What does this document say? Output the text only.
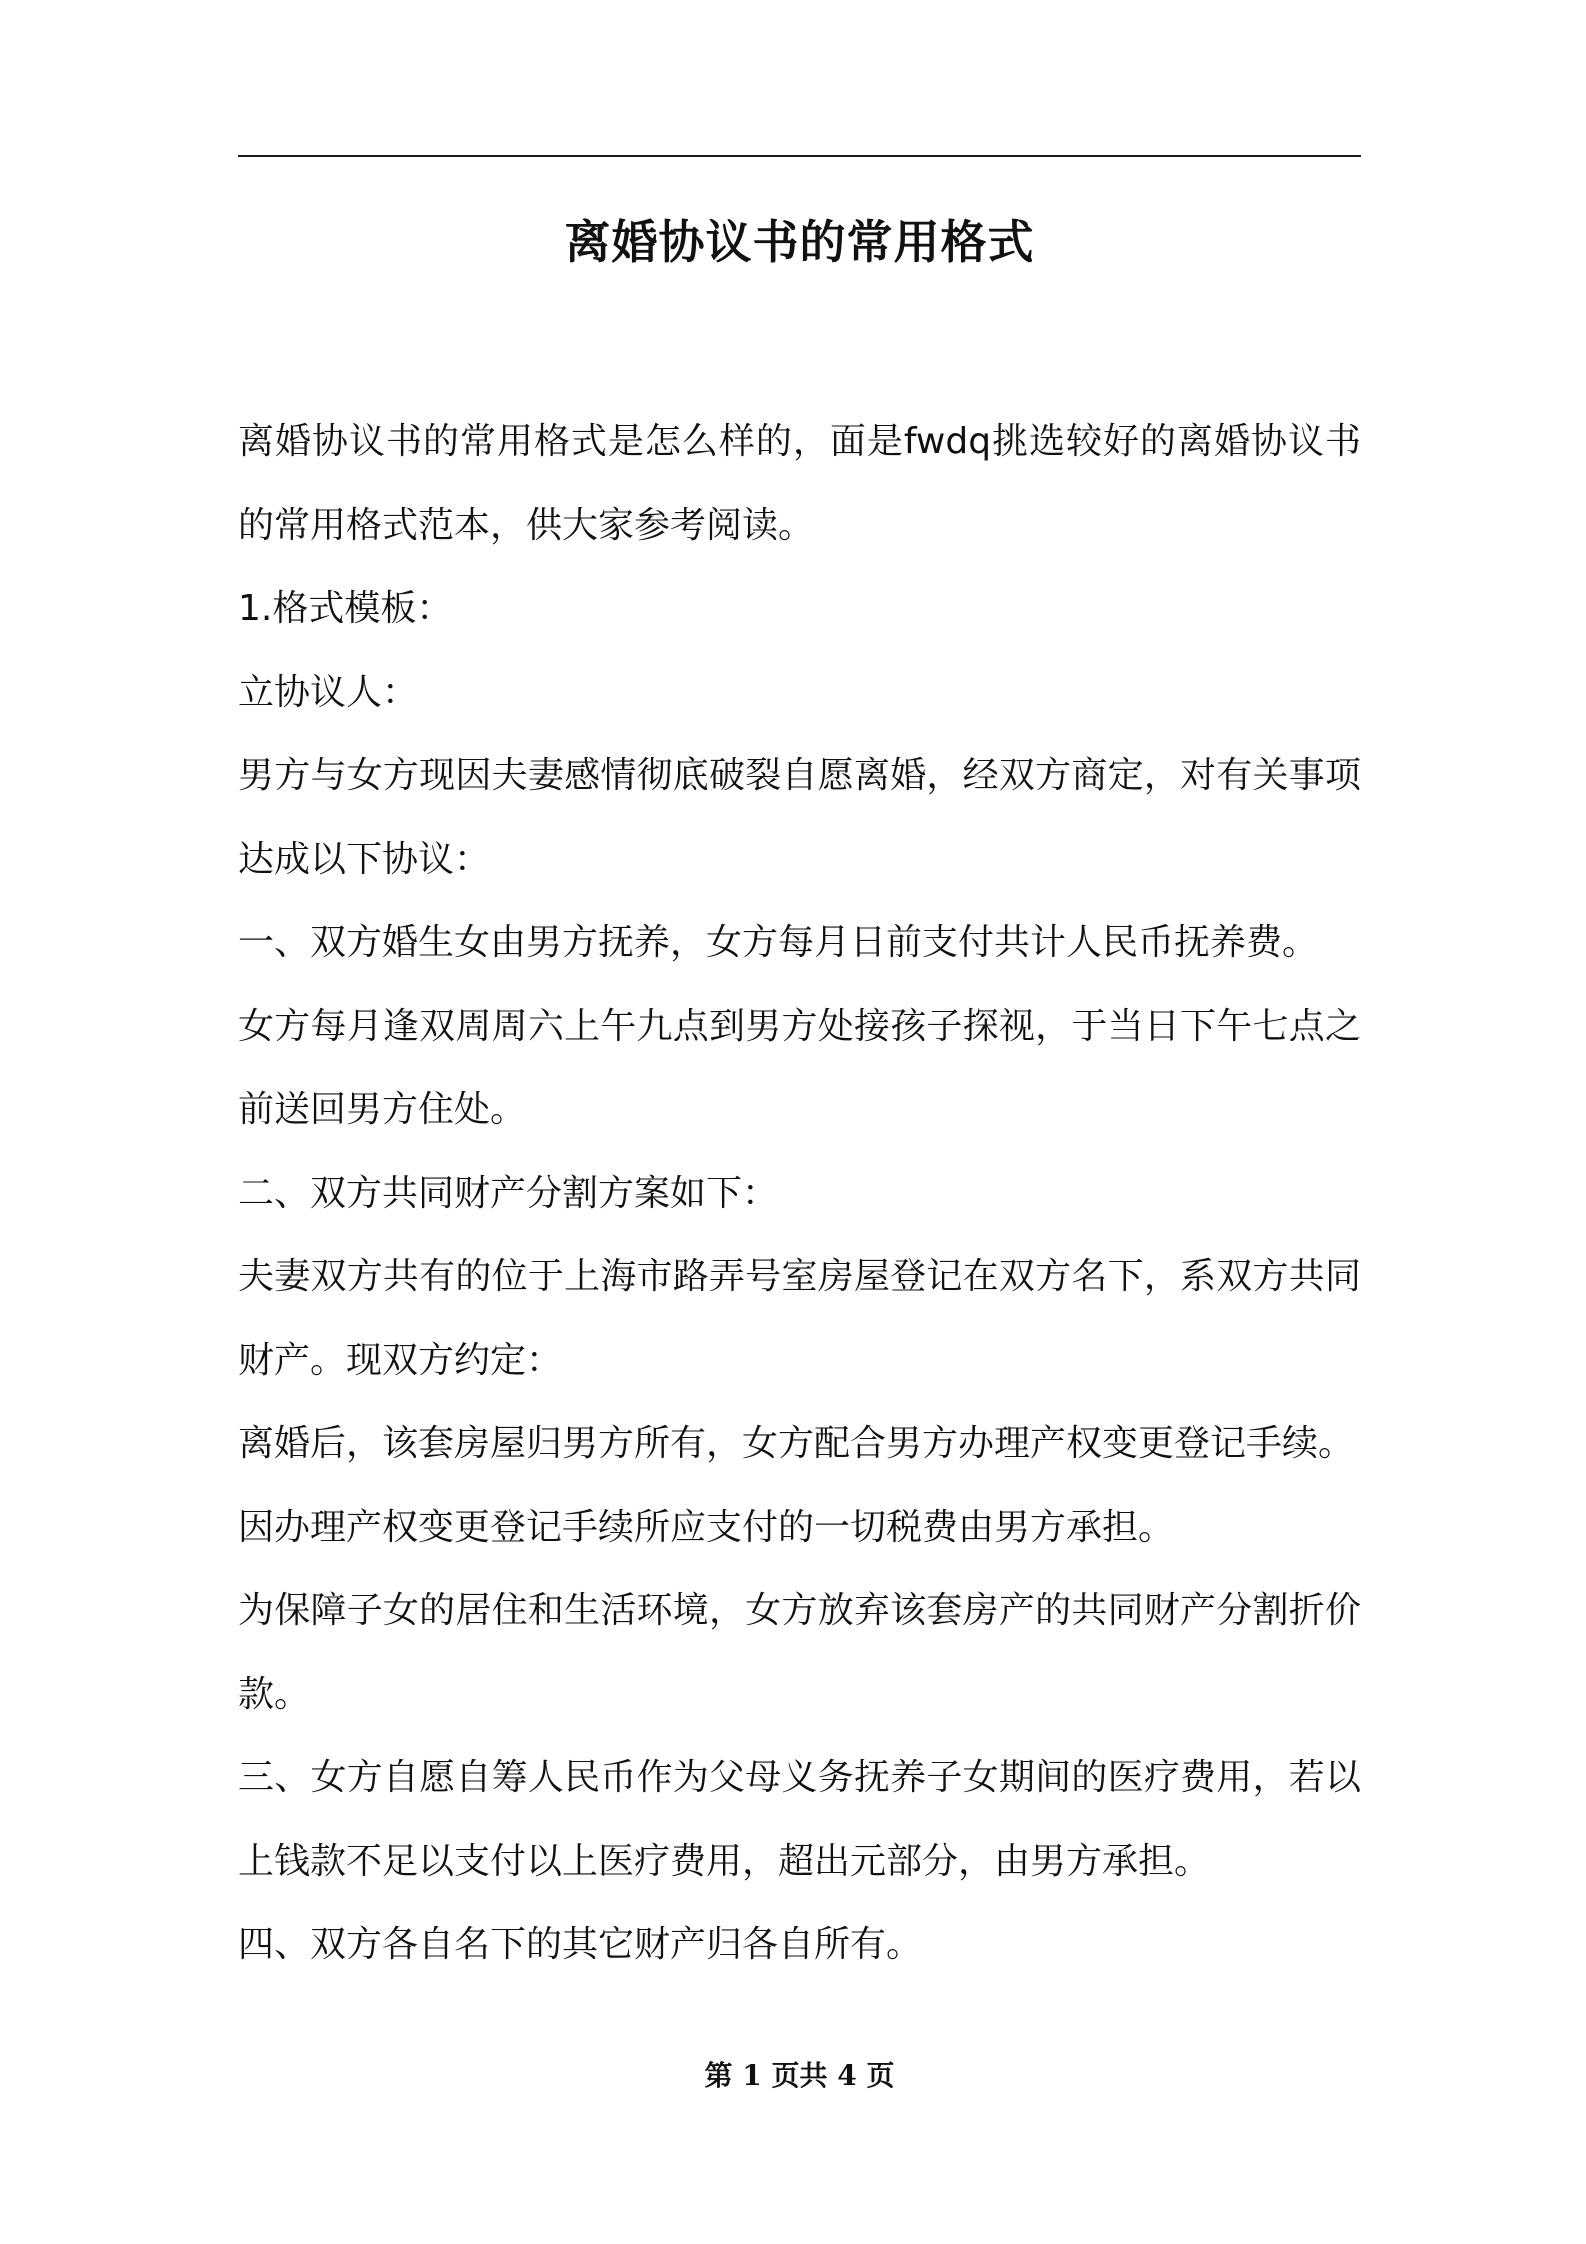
离婚协议书的常用格式

离婚协议书的常用格式是怎么样的，面是fwdq挑选较好的离婚协议书的常用格式范本，供大家参考阅读。

1.格式模板：

立协议人：

男方与女方现因夫妻感情彻底破裂自愿离婚，经双方商定，对有关事项达成以下协议：

一、双方婚生女由男方抚养，女方每月日前支付共计人民币抚养费。

女方每月逢双周周六上午九点到男方处接孩子探视，于当日下午七点之前送回男方住处。

二、双方共同财产分割方案如下：

夫妻双方共有的位于上海市路弄号室房屋登记在双方名下，系双方共同财产。现双方约定：

离婚后，该套房屋归男方所有，女方配合男方办理产权变更登记手续。

因办理产权变更登记手续所应支付的一切税费由男方承担。

为保障子女的居住和生活环境，女方放弃该套房产的共同财产分割折价款。

三、女方自愿自筹人民币作为父母义务抚养子女期间的医疗费用，若以上钱款不足以支付以上医疗费用，超出元部分，由男方承担。

四、双方各自名下的其它财产归各自所有。

第 1 页共 4 页
